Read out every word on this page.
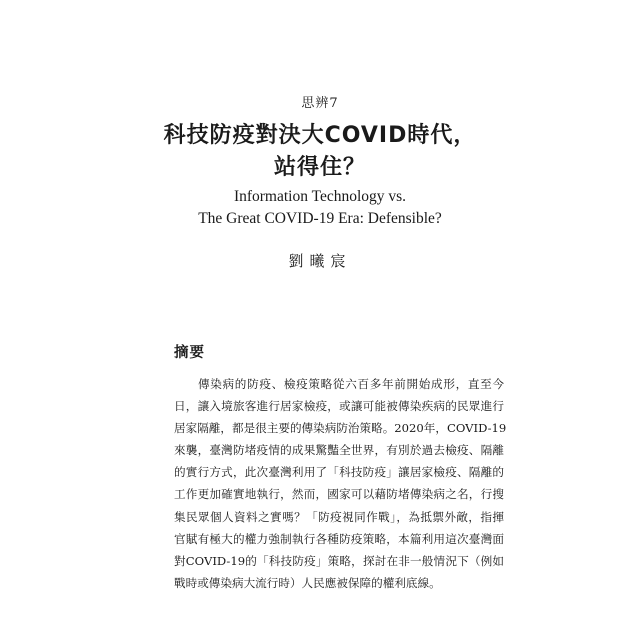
思辨7
科技防疫對決大COVID時代，
站得住？
Information Technology vs.
The Great COVID-19 Era: Defensible?
劉曦宸
摘要
傳染病的防疫、檢疫策略從六百多年前開始成形，直至今
日，讓入境旅客進行居家檢疫，或讓可能被傳染疾病的民眾進行
居家隔離，都是很主要的傳染病防治策略。2020年，COVID-19
來襲，臺灣防堵疫情的成果驚豔全世界，有別於過去檢疫、隔離
的實行方式，此次臺灣利用了「科技防疫」讓居家檢疫、隔離的
工作更加確實地執行，然而，國家可以藉防堵傳染病之名，行搜
集民眾個人資料之實嗎？「防疫視同作戰」，為抵禦外敵，指揮
官賦有極大的權力強制執行各種防疫策略，本篇利用這次臺灣面
對COVID-19的「科技防疫」策略，探討在非一般情況下（例如
戰時或傳染病大流行時）人民應被保障的權利底線。
